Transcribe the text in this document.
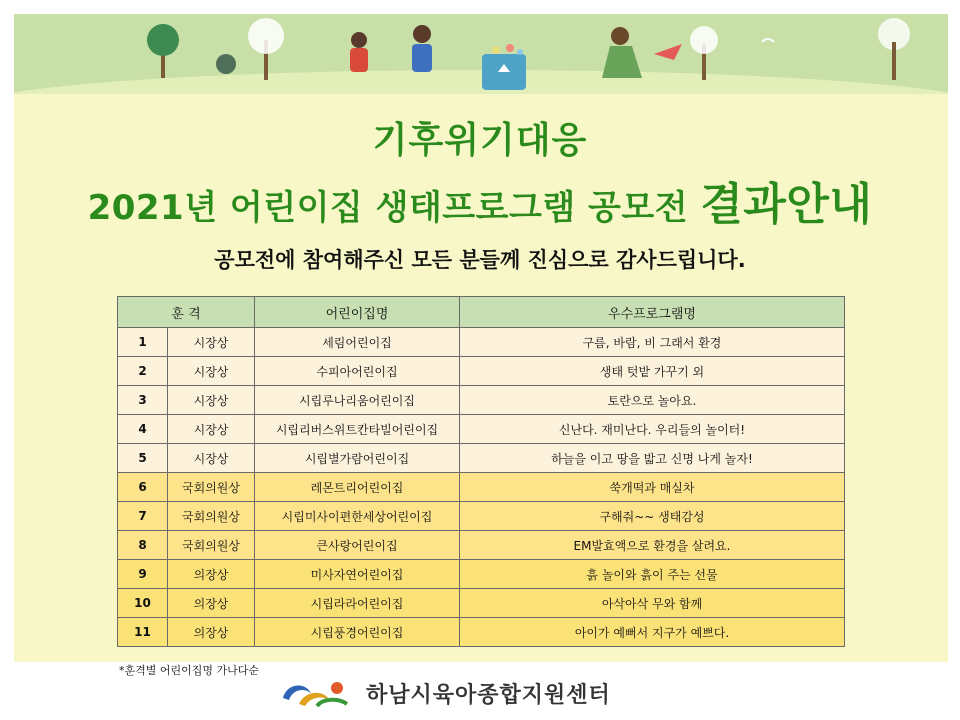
기후위기대응
2021년 어린이집 생태프로그램 공모전 결과안내

공모전에 참여해주신 모든 분들께 진심으로 감사드립니다.

훈 격		어린이집명	우수프로그램명
1	시장상	세림어린이집	구름, 바람, 비 그래서 환경
2	시장상	수피아어린이집	생태 텃밭 가꾸기 외
3	시장상	시립루나리움어린이집	토란으로 놀아요.
4	시장상	시립리버스위트칸타빌어린이집	신난다. 재미난다. 우리들의 놀이터!
5	시장상	시립별가람어린이집	하늘을 이고 땅을 밟고 신명 나게 놀자!
6	국회의원상	레몬트리어린이집	쑥개떡과 매실차
7	국회의원상	시립미사이편한세상어린이집	구해줘~~ 생태감성
8	국회의원상	큰사랑어린이집	EM발효액으로 환경을 살려요.
9	의장상	미사자연어린이집	흙 놀이와 흙이 주는 선물
10	의장상	시립라라어린이집	아삭아삭 무와 함께
11	의장상	시립풍경어린이집	아이가 예뻐서 지구가 예쁘다.
*훈격별 어린이집명 가나다순
하남시육아종합지원센터
